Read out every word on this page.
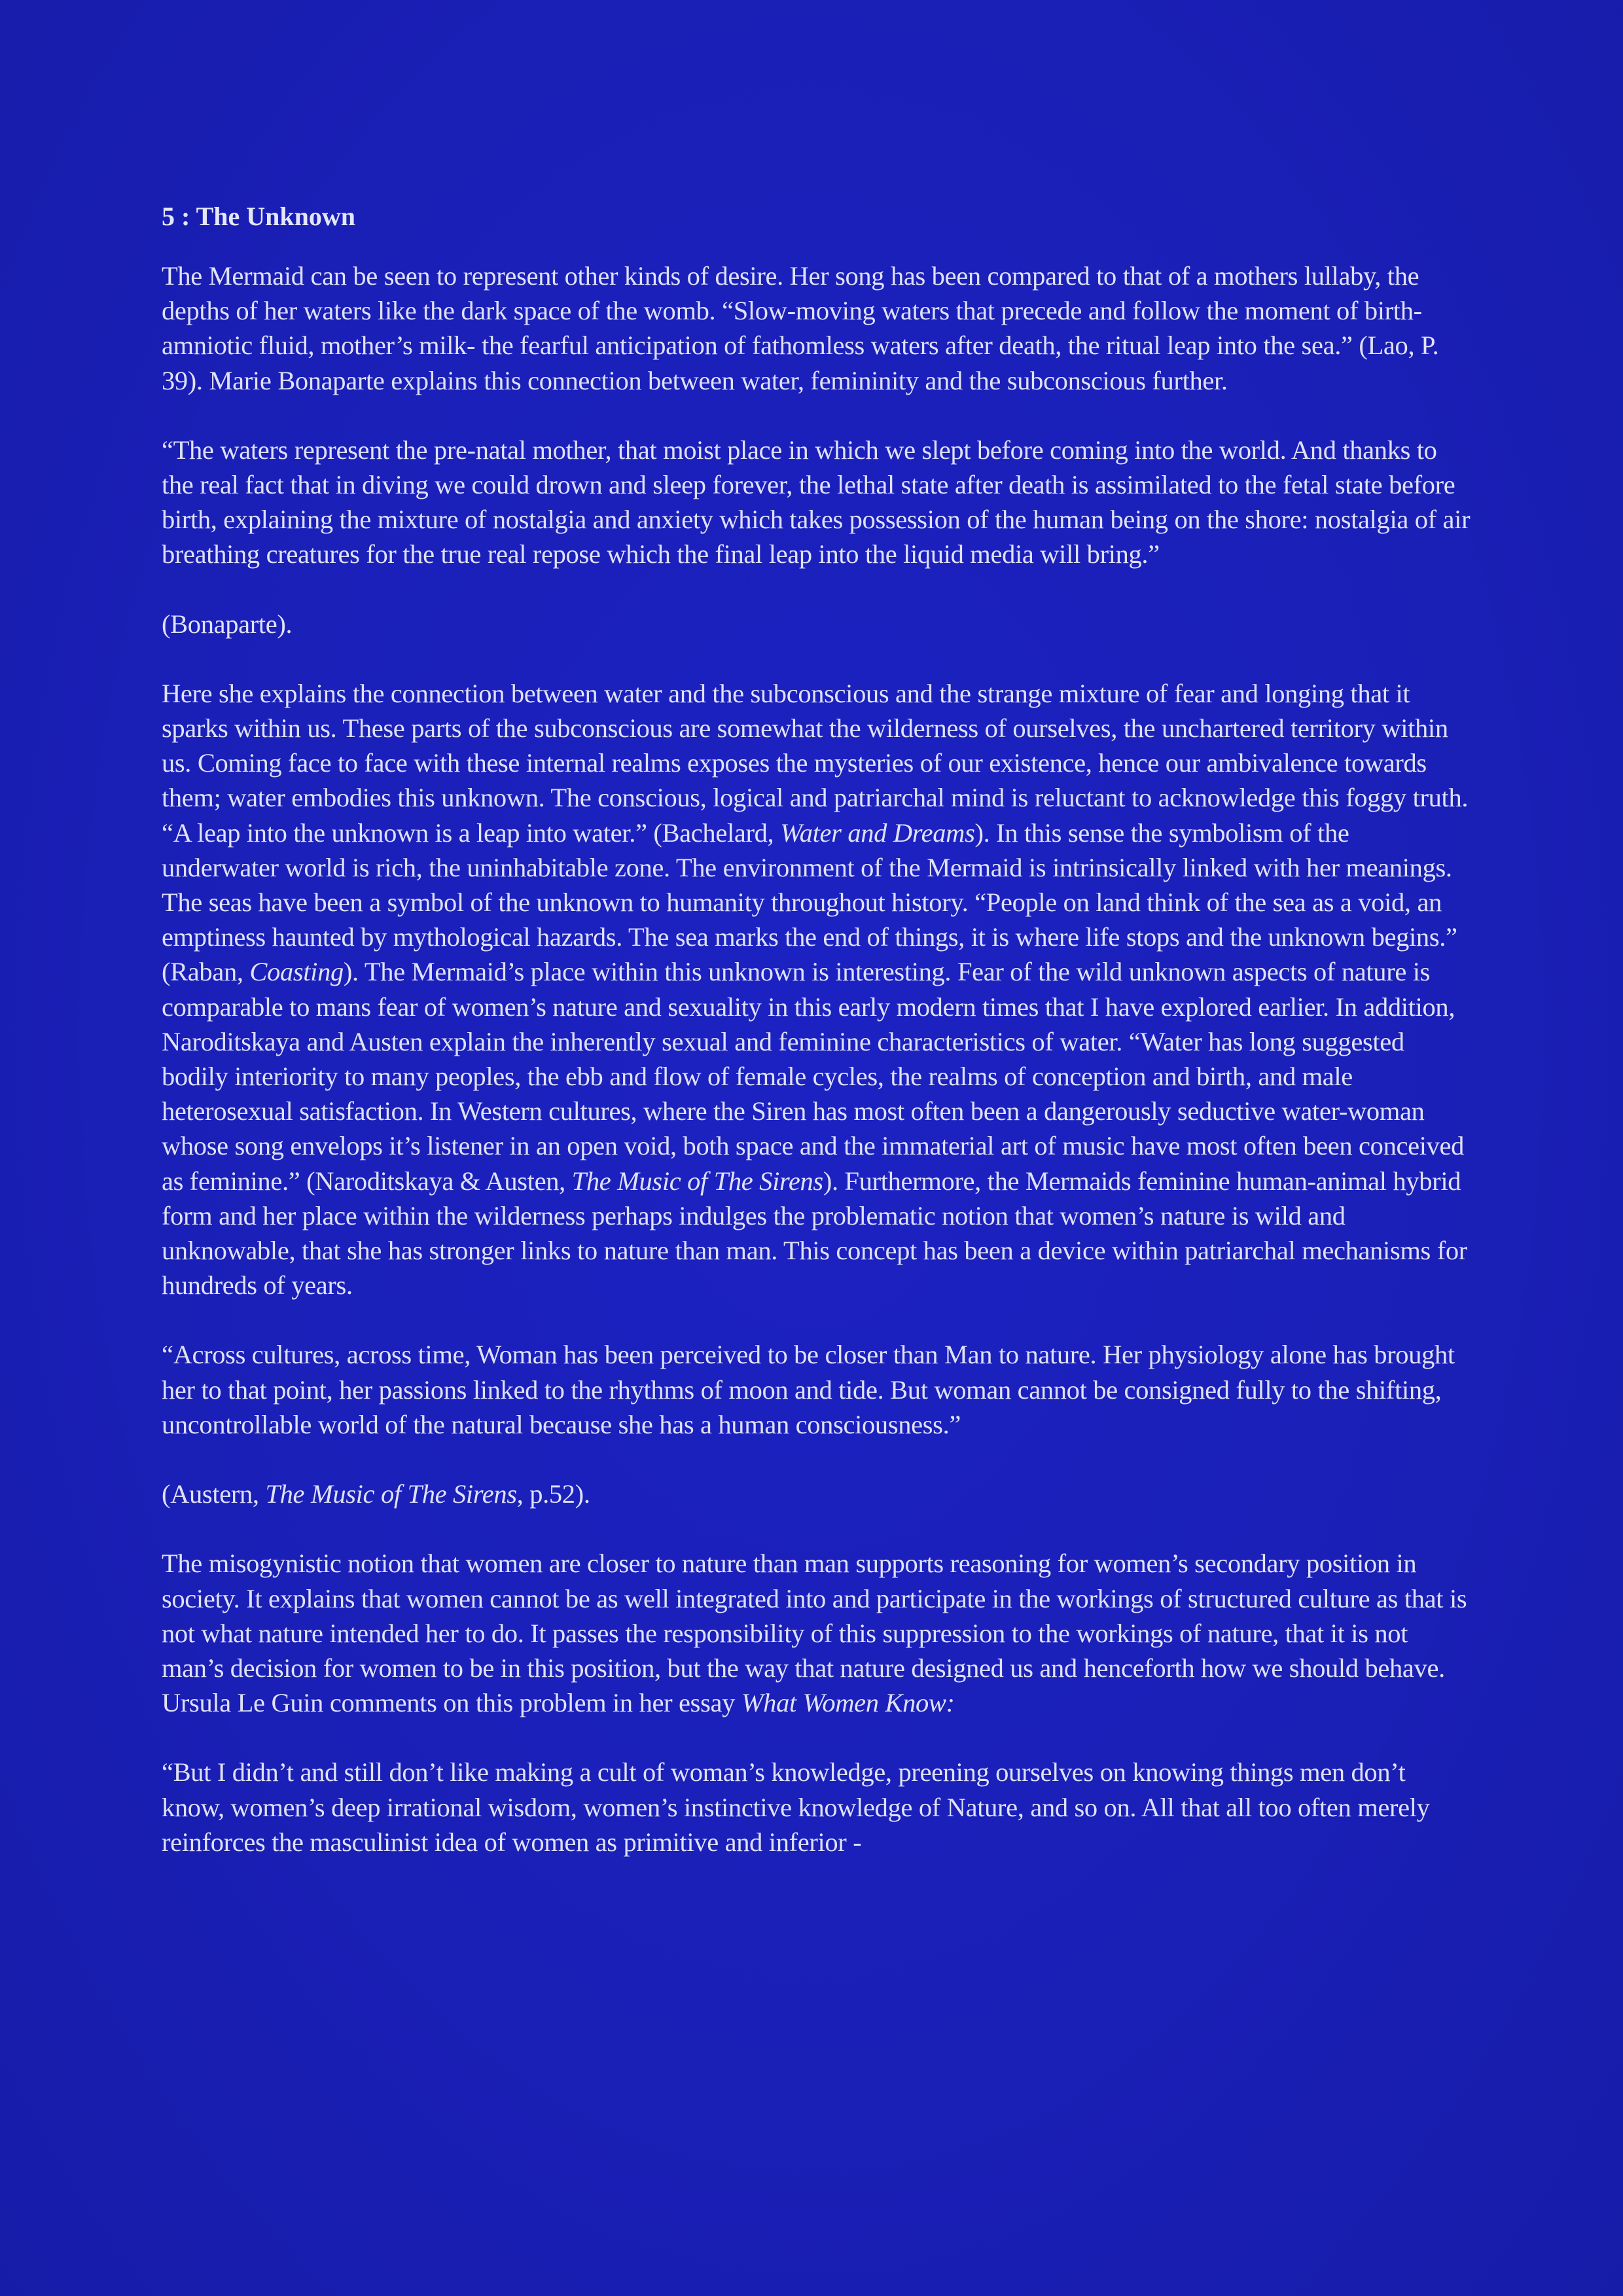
5 : The Unknown

The Mermaid can be seen to represent other kinds of desire. Her song has been compared to that of a mothers lullaby, the depths of her waters like the dark space of the womb. “Slow-moving waters that precede and follow the moment of birth- amniotic fluid, mother’s milk- the fearful anticipation of fathomless waters after death, the ritual leap into the sea.” (Lao, P. 39). Marie Bonaparte explains this connection between water, femininity and the subconscious further.

“The waters represent the pre-natal mother, that moist place in which we slept before coming into the world. And thanks to the real fact that in diving we could drown and sleep forever, the lethal state after death is assimilated to the fetal state before birth, explaining the mixture of nostalgia and anxiety which takes possession of the human being on the shore: nostalgia of air breathing creatures for the true real repose which the final leap into the liquid media will bring.”

(Bonaparte).

Here she explains the connection between water and the subconscious and the strange mixture of fear and longing that it sparks within us. These parts of the subconscious are somewhat the wilderness of ourselves, the unchartered territory within us. Coming face to face with these internal realms exposes the mysteries of our existence, hence our ambivalence towards them; water embodies this unknown. The conscious, logical and patriarchal mind is reluctant to acknowledge this foggy truth. “A leap into the unknown is a leap into water.” (Bachelard, Water and Dreams). In this sense the symbolism of the underwater world is rich, the uninhabitable zone. The environment of the Mermaid is intrinsically linked with her meanings. The seas have been a symbol of the unknown to humanity throughout history. “People on land think of the sea as a void, an emptiness haunted by mythological hazards. The sea marks the end of things, it is where life stops and the unknown begins.” (Raban, Coasting). The Mermaid’s place within this unknown is interesting. Fear of the wild unknown aspects of nature is comparable to mans fear of women’s nature and sexuality in this early modern times that I have explored earlier. In addition, Naroditskaya and Austen explain the inherently sexual and feminine characteristics of water. “Water has long suggested bodily interiority to many peoples, the ebb and flow of female cycles, the realms of conception and birth, and male heterosexual satisfaction. In Western cultures, where the Siren has most often been a dangerously seductive water-woman whose song envelops it’s listener in an open void, both space and the immaterial art of music have most often been conceived as feminine.” (Naroditskaya & Austen, The Music of The Sirens). Furthermore, the Mermaids feminine human-animal hybrid form and her place within the wilderness perhaps indulges the problematic notion that women’s nature is wild and unknowable, that she has stronger links to nature than man. This concept has been a device within patriarchal mechanisms for hundreds of years.

“Across cultures, across time, Woman has been perceived to be closer than Man to nature. Her physiology alone has brought her to that point, her passions linked to the rhythms of moon and tide. But woman cannot be consigned fully to the shifting, uncontrollable world of the natural because she has a human consciousness.”

(Austern, The Music of The Sirens, p.52).

The misogynistic notion that women are closer to nature than man supports reasoning for women’s secondary position in society. It explains that women cannot be as well integrated into and participate in the workings of structured culture as that is not what nature intended her to do. It passes the responsibility of this suppression to the workings of nature, that it is not man’s decision for women to be in this position, but the way that nature designed us and henceforth how we should behave. Ursula Le Guin comments on this problem in her essay What Women Know:

“But I didn’t and still don’t like making a cult of woman’s knowledge, preening ourselves on knowing things men don’t know, women’s deep irrational wisdom, women’s instinctive knowledge of Nature, and so on. All that all too often merely reinforces the masculinist idea of women as primitive and inferior -
